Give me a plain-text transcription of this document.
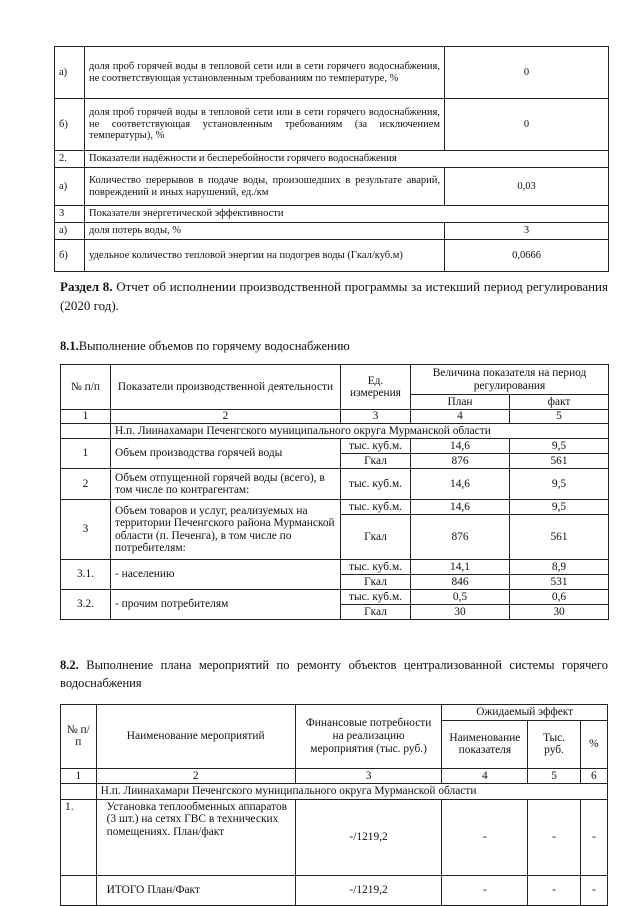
а)	доля проб горячей воды в тепловой сети или в сети горячего водоснабжения, не соответствующая установленным требованиям по температуре, %	0
б)	доля проб горячей воды в тепловой сети или в сети горячего водоснабжения, не соответствующая установленным требованиям (за исключением температуры), %	0
2.	Показатели надёжности и бесперебойности горячего водоснабжения	
а)	Количество перерывов в подаче воды, произошедших в результате аварий, повреждений и иных нарушений, ед./км	0,03
3	Показатели энергетической эффективности	
а)	доля потерь воды, %	3
б)	удельное количество тепловой энергии на подогрев воды (Гкал/куб.м)	0,0666
Раздел 8. Отчет об исполнении производственной программы за истекший период регулирования (2020 год).
8.1.Выполнение объемов по горячему водоснабжению
№ п/п	Показатели производственной деятельности	Ед. измерения	Величина показателя на период регулирования	
			План	факт
1	2	3	4	5
	Н.п. Лиинахамари Печенгского муниципального округа Мурманской области			
1	Объем производства горячей воды	тыс. куб.м.	14,6	9,5
		Гкал	876	561
2	Объем отпущенной горячей воды (всего), в том числе по контрагентам:	тыс. куб.м.	14,6	9,5
3	Объем товаров и услуг, реализуемых на территории Печенгского района Мурманской области (п. Печенга), в том числе по потребителям:	тыс. куб.м.	14,6	9,5
		Гкал	876	561
3.1.	- населению	тыс. куб.м.	14,1	8,9
		Гкал	846	531
3.2.	- прочим потребителям	тыс. куб.м.	0,5	0,6
		Гкал	30	30
8.2. Выполнение плана мероприятий по ремонту объектов централизованной системы горячего водоснабжения
№ п/п	Наименование мероприятий	Финансовые потребности на реализацию мероприятия (тыс. руб.)	Ожидаемый эффект		
			Наименование показателя	Тыс. руб.	%
1	2	3	4	5	6
	Н.п. Лиинахамари Печенгского муниципального округа Мурманской области				
1.	Установка теплообменных аппаратов (3 шт.) на сетях ГВС в технических помещениях. План/факт	-/1219,2	-	-	-
	ИТОГО План/Факт	-/1219,2	-	-	-
